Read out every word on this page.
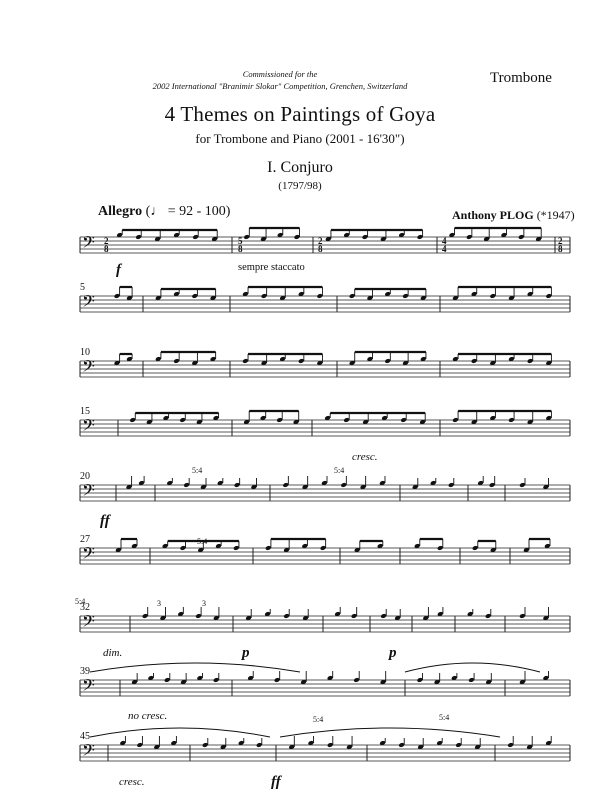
Commissioned for the
2002 International "Branimir Slokar" Competition, Grenchen, Switzerland	Trombone
4 Themes on Paintings of Goya
for Trombone and Piano (2001 - 16'30")
I. Conjuro
(1797/98)
Allegro (♩ = 92 - 100)	Anthony PLOG (*1947)
𝄢
𝄢
𝄢
𝄢
𝄢
𝄢
𝄢
𝄢
𝄢
2
8
5
8
2
8
4
4
2
8
5
10
15
20
27
32
39
45
f	sempre staccato
cresc.
ff
5:4	5:4
5:4
5:4	3	3
dim.	p	p
no cresc.	5:4	5:4
cresc.	ff
